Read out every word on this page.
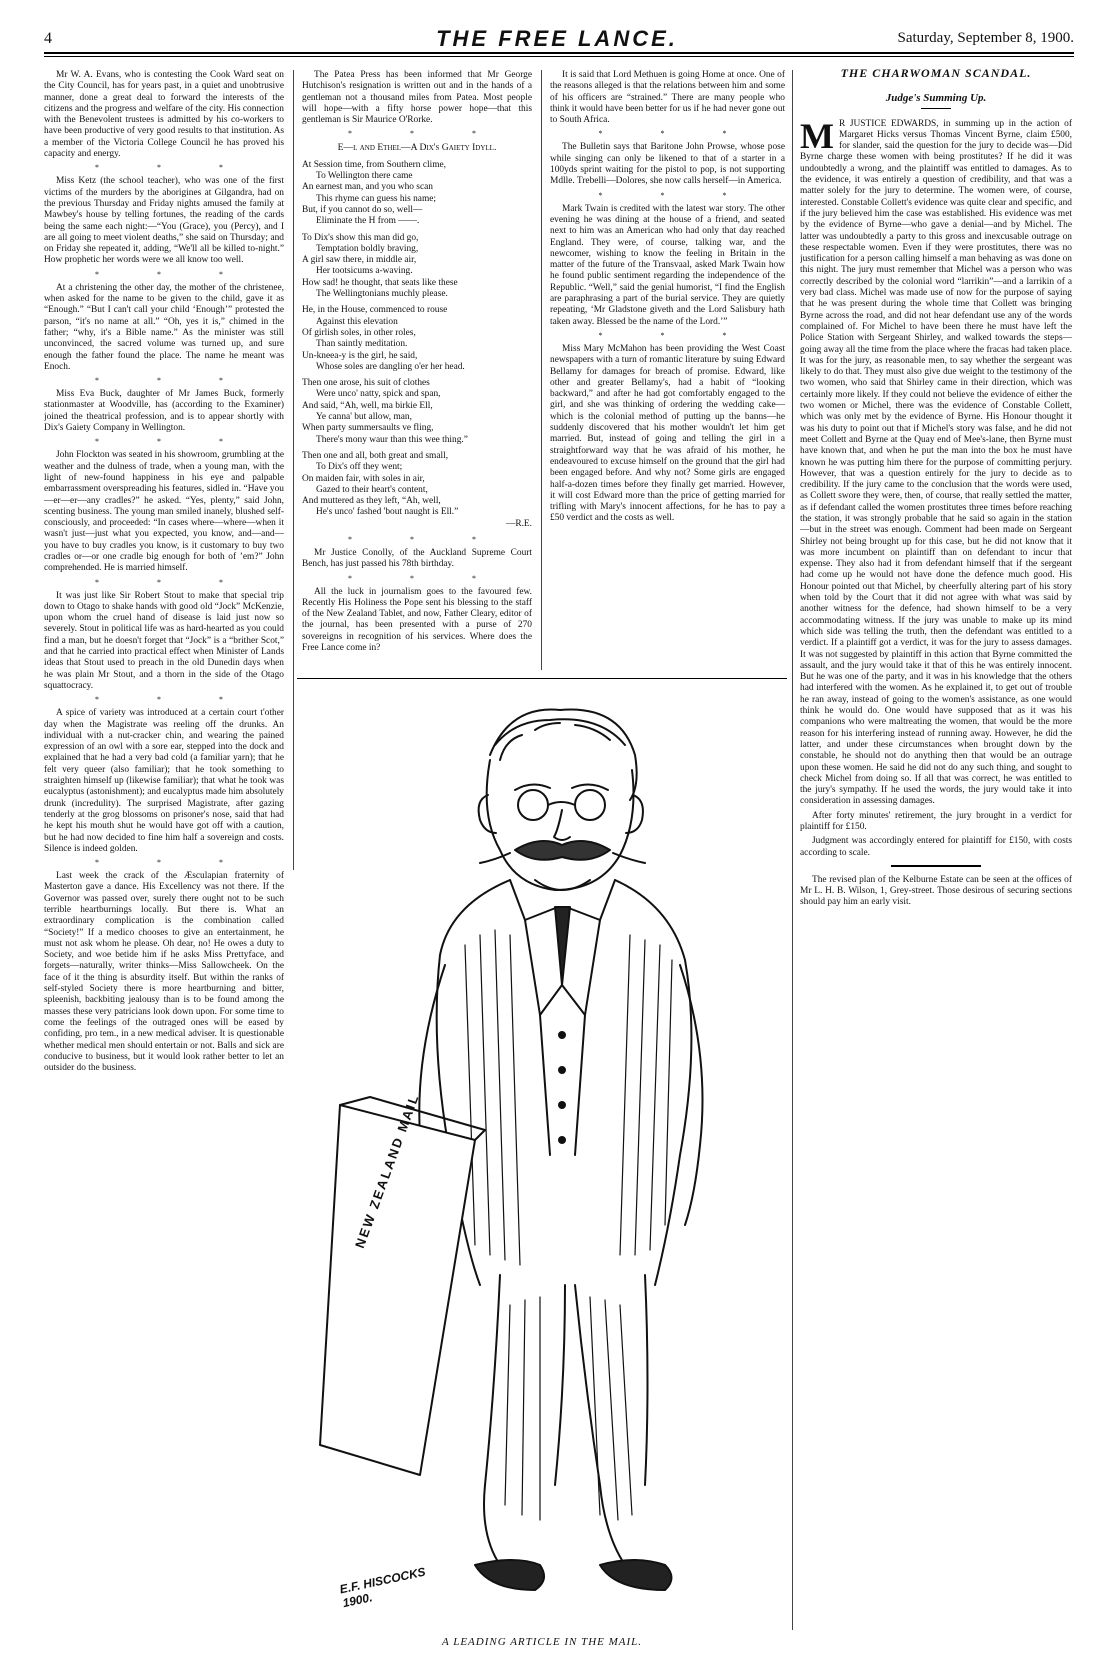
4	THE FREE LANCE.	Saturday, September 8, 1900.

Mr W. A. Evans, who is contesting the Cook Ward seat on the City Council, has for years past, in a quiet and unobtrusive manner, done a great deal to forward the interests of the citizens and the progress and welfare of the city. His connection with the Benevolent trustees is admitted by his co-workers to have been productive of very good results to that institution. As a member of the Victoria College Council he has proved his capacity and energy.

* * *

Miss Ketz (the school teacher), who was one of the first victims of the murders by the aborigines at Gilgandra, had on the previous Thursday and Friday nights amused the family at Mawbey's house by telling fortunes, the reading of the cards being the same each night:—“You (Grace), you (Percy), and I are all going to meet violent deaths,” she said on Thursday; and on Friday she repeated it, adding, “We'll all be killed to-night.” How prophetic her words were we all know too well.

* * *

At a christening the other day, the mother of the christenee, when asked for the name to be given to the child, gave it as “Enough.” “But I can't call your child ‘Enough’” protested the parson, “it's no name at all.” “Oh, yes it is,” chimed in the father; “why, it's a Bible name.” As the minister was still unconvinced, the sacred volume was turned up, and sure enough the father found the place. The name he meant was Enoch.

* * *

Miss Eva Buck, daughter of Mr James Buck, formerly stationmaster at Woodville, has (according to the Examiner) joined the theatrical profession, and is to appear shortly with Dix's Gaiety Company in Wellington.

* * *

John Flockton was seated in his showroom, grumbling at the weather and the dulness of trade, when a young man, with the light of new-found happiness in his eye and palpable embarrassment overspreading his features, sidled in. “Have you—er—er—any cradles?” he asked. “Yes, plenty,” said John, scenting business. The young man smiled inanely, blushed self-consciously, and proceeded: “In cases where—where—when it wasn't just—just what you expected, you know, and—and—you have to buy cradles you know, is it customary to buy two cradles or—or one cradle big enough for both of ’em?” John comprehended. He is married himself.

* * *

It was just like Sir Robert Stout to make that special trip down to Otago to shake hands with good old “Jock” McKenzie, upon whom the cruel hand of disease is laid just now so severely. Stout in political life was as hard-hearted as you could find a man, but he doesn't forget that “Jock” is a “brither Scot,” and that he carried into practical effect when Minister of Lands ideas that Stout used to preach in the old Dunedin days when he was plain Mr Stout, and a thorn in the side of the Otago squattocracy.

* * *

A spice of variety was introduced at a certain court t'other day when the Magistrate was reeling off the drunks. An individual with a nut-cracker chin, and wearing the pained expression of an owl with a sore ear, stepped into the dock and explained that he had a very bad cold (a familiar yarn); that he felt very queer (also familiar); that he took something to straighten himself up (likewise familiar); that what he took was eucalyptus (astonishment); and eucalyptus made him absolutely drunk (incredulity). The surprised Magistrate, after gazing tenderly at the grog blossoms on prisoner's nose, said that had he kept his mouth shut he would have got off with a caution, but he had now decided to fine him half a sovereign and costs. Silence is indeed golden.

* * *

Last week the crack of the Æsculapian fraternity of Masterton gave a dance. His Excellency was not there. If the Governor was passed over, surely there ought not to be such terrible heartburnings locally. But there is. What an extraordinary complication is the combination called “Society!” If a medico chooses to give an entertainment, he must not ask whom he please. Oh dear, no! He owes a duty to Society, and woe betide him if he asks Miss Prettyface, and forgets—naturally, writer thinks—Miss Sallowcheek. On the face of it the thing is absurdity itself. But within the ranks of self-styled Society there is more heartburning and bitter, spleenish, backbiting jealousy than is to be found among the masses these very patricians look down upon. For some time to come the feelings of the outraged ones will be eased by confiding, pro tem., in a new medical adviser. It is questionable whether medical men should entertain or not. Balls and sick are conducive to business, but it would look rather better to let an outsider do the business.

The Patea Press has been informed that Mr George Hutchison's resignation is written out and in the hands of a gentleman not a thousand miles from Patea. Most people will hope—with a fifty horse power hope—that this gentleman is Sir Maurice O'Rorke.

* * *
E—l and Ethel—A Dix's Gaiety Idyll.
At Session time, from Southern clime,
To Wellington there came
An earnest man, and you who scan
This rhyme can guess his name;
But, if you cannot do so, well—
Eliminate the H from ——.
To Dix's show this man did go,
Temptation boldly braving,
A girl saw there, in middle air,
Her tootsicums a-waving.
How sad! he thought, that seats like these
The Wellingtonians muchly please.
He, in the House, commenced to rouse
Against this elevation
Of girlish soles, in other roles,
Than saintly meditation.
Un-kneea-y is the girl, he said,
Whose soles are dangling o'er her head.
Then one arose, his suit of clothes
Were unco' natty, spick and span,
And said, “Ah, well, ma birkie Ell,
Ye canna' but allow, man,
When party summersaults ve fling,
There's mony waur than this wee thing.”
Then one and all, both great and small,
To Dix's off they went;
On maiden fair, with soles in air,
Gazed to their heart's content,
And muttered as they left, “Ah, well,
He's unco' fashed 'bout naught is Ell.”
—R.E.
* * *

Mr Justice Conolly, of the Auckland Supreme Court Bench, has just passed his 78th birthday.

* * *

All the luck in journalism goes to the favoured few. Recently His Holiness the Pope sent his blessing to the staff of the New Zealand Tablet, and now, Father Cleary, editor of the journal, has been presented with a purse of 270 sovereigns in recognition of his services. Where does the Free Lance come in?

It is said that Lord Methuen is going Home at once. One of the reasons alleged is that the relations between him and some of his officers are “strained.” There are many people who think it would have been better for us if he had never gone out to South Africa.

* * *

The Bulletin says that Baritone John Prowse, whose pose while singing can only be likened to that of a starter in a 100yds sprint waiting for the pistol to pop, is not supporting Mdlle. Trebelli—Dolores, she now calls herself—in America.

* * *

Mark Twain is credited with the latest war story. The other evening he was dining at the house of a friend, and seated next to him was an American who had only that day reached England. They were, of course, talking war, and the newcomer, wishing to know the feeling in Britain in the matter of the future of the Transvaal, asked Mark Twain how he found public sentiment regarding the independence of the Republic. “Well,” said the genial humorist, “I find the English are paraphrasing a part of the burial service. They are quietly repeating, ‘Mr Gladstone giveth and the Lord Salisbury hath taken away. Blessed be the name of the Lord.’”

* * *

Miss Mary McMahon has been providing the West Coast newspapers with a turn of romantic literature by suing Edward Bellamy for damages for breach of promise. Edward, like other and greater Bellamy's, had a habit of “looking backward,” and after he had got comfortably engaged to the girl, and she was thinking of ordering the wedding cake—which is the colonial method of putting up the banns—he suddenly discovered that his mother wouldn't let him get married. But, instead of going and telling the girl in a straightforward way that he was afraid of his mother, he endeavoured to excuse himself on the ground that the girl had been engaged before. And why not? Some girls are engaged half-a-dozen times before they finally get married. However, it will cost Edward more than the price of getting married for trifling with Mary's innocent affections, for he has to pay a £50 verdict and the costs as well.

THE CHARWOMAN SCANDAL.
Judge's Summing Up.

M R JUSTICE EDWARDS, in summing up in the action of Margaret Hicks versus Thomas Vincent Byrne, claim £500, for slander, said the question for the jury to decide was—Did Byrne charge these women with being prostitutes? If he did it was undoubtedly a wrong, and the plaintiff was entitled to damages. As to the evidence, it was entirely a question of credibility, and that was a matter solely for the jury to determine. The women were, of course, interested. Constable Collett's evidence was quite clear and specific, and if the jury believed him the case was established. His evidence was met by the evidence of Byrne—who gave a denial—and by Michel. The latter was undoubtedly a party to this gross and inexcusable outrage on these respectable women. Even if they were prostitutes, there was no justification for a person calling himself a man behaving as was done on this night. The jury must remember that Michel was a person who was correctly described by the colonial word “larrikin”—and a larrikin of a very bad class. Michel was made use of now for the purpose of saying that he was present during the whole time that Collett was bringing Byrne across the road, and did not hear defendant use any of the words complained of. For Michel to have been there he must have left the Police Station with Sergeant Shirley, and walked towards the steps—going away all the time from the place where the fracas had taken place. It was for the jury, as reasonable men, to say whether the sergeant was likely to do that. They must also give due weight to the testimony of the two women, who said that Shirley came in their direction, which was certainly more likely. If they could not believe the evidence of either the two women or Michel, there was the evidence of Constable Collett, which was only met by the evidence of Byrne. His Honour thought it was his duty to point out that if Michel's story was false, and he did not meet Collett and Byrne at the Quay end of Mee's-lane, then Byrne must have known that, and when he put the man into the box he must have known he was putting him there for the purpose of committing perjury. However, that was a question entirely for the jury to decide as to credibility. If the jury came to the conclusion that the words were used, as Collett swore they were, then, of course, that really settled the matter, as if defendant called the women prostitutes three times before reaching the station, it was strongly probable that he said so again in the station—but in the street was enough. Comment had been made on Sergeant Shirley not being brought up for this case, but he did not know that it was more incumbent on plaintiff than on defendant to incur that expense. They also had it from defendant himself that if the sergeant had come up he would not have done the defence much good. His Honour pointed out that Michel, by cheerfully altering part of his story when told by the Court that it did not agree with what was said by another witness for the defence, had shown himself to be a very accommodating witness. If the jury was unable to make up its mind which side was telling the truth, then the defendant was entitled to a verdict. If a plaintiff got a verdict, it was for the jury to assess damages. It was not suggested by plaintiff in this action that Byrne committed the assault, and the jury would take it that of this he was entirely innocent. But he was one of the party, and it was in his knowledge that the others had interfered with the women. As he explained it, to get out of trouble he ran away, instead of going to the women's assistance, as one would think he would do. One would have supposed that as it was his companions who were maltreating the women, that would be the more reason for his interfering instead of running away. However, he did the latter, and under these circumstances when brought down by the constable, he should not do anything then that would be an outrage upon these women. He said he did not do any such thing, and sought to check Michel from doing so. If all that was correct, he was entitled to the jury's sympathy. If he used the words, the jury would take it into consideration in assessing damages.

After forty minutes' retirement, the jury brought in a verdict for plaintiff for £150.

Judgment was accordingly entered for plaintiff for £150, with costs according to scale.

The revised plan of the Kelburne Estate can be seen at the offices of Mr L. H. B. Wilson, 1, Grey-street. Those desirous of securing sections should pay him an early visit.

NEW ZEALAND MAIL
E.F. HISCOCKS 1900.
A LEADING ARTICLE IN THE MAIL.
